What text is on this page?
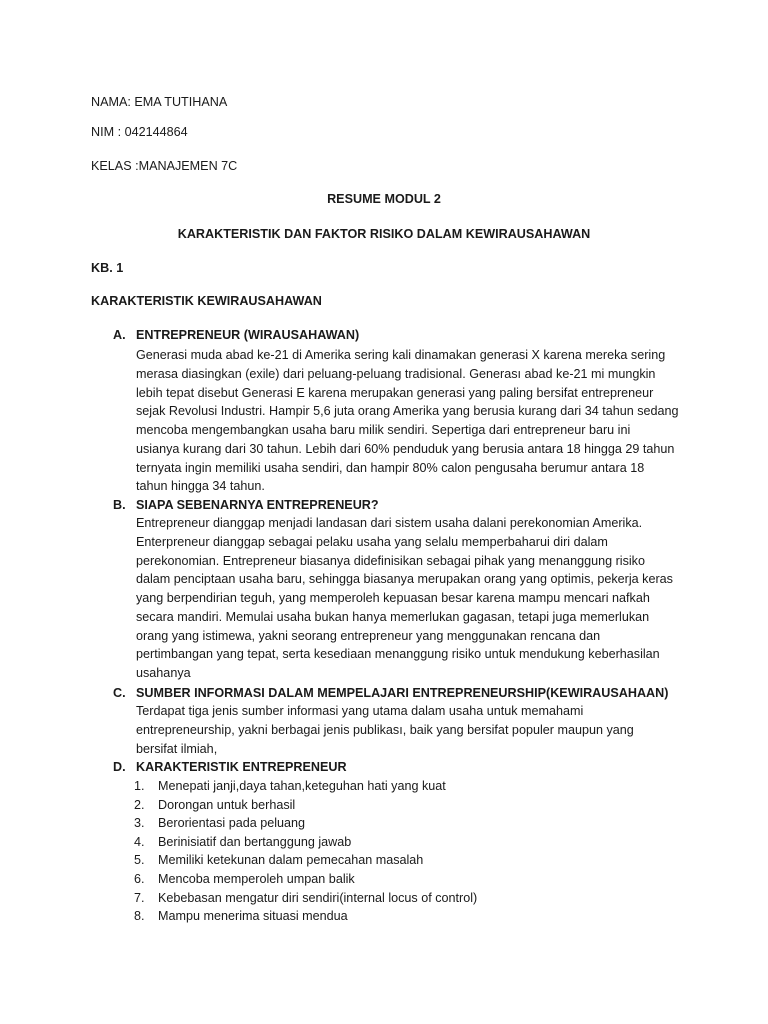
NAMA: EMA TUTIHANA
NIM : 042144864
KELAS :MANAJEMEN 7C
RESUME MODUL 2
KARAKTERISTIK DAN FAKTOR RISIKO DALAM KEWIRAUSAHAWAN
KB. 1
KARAKTERISTIK KEWIRAUSAHAWAN
A. ENTREPRENEUR (WIRAUSAHAWAN)
Generasi muda abad ke-21 di Amerika sering kali dinamakan generasi X karena mereka sering
merasa diasingkan (exile) dari peluang-peluang tradisional. Generası abad ke-21 mi mungkin
lebih tepat disebut Generasi E karena merupakan generasi yang paling bersifat entrepreneur
sejak Revolusi Industri. Hampir 5,6 juta orang Amerika yang berusia kurang dari 34 tahun sedang
mencoba mengembangkan usaha baru milik sendiri. Sepertiga dari entrepreneur baru ini
usianya kurang dari 30 tahun. Lebih dari 60% penduduk yang berusia antara 18 hingga 29 tahun
ternyata ingin memiliki usaha sendiri, dan hampir 80% calon pengusaha berumur antara 18
tahun hingga 34 tahun.
B. SIAPA SEBENARNYA ENTREPRENEUR?
Entrepreneur dianggap menjadi landasan dari sistem usaha dalani perekonomian Amerika.
Enterpreneur dianggap sebagai pelaku usaha yang selalu memperbaharui diri dalam
perekonomian. Entrepreneur biasanya didefinisikan sebagai pihak yang menanggung risiko
dalam penciptaan usaha baru, sehingga biasanya merupakan orang yang optimis, pekerja keras
yang berpendirian teguh, yang memperoleh kepuasan besar karena mampu mencari nafkah
secara mandiri. Memulai usaha bukan hanya memerlukan gagasan, tetapi juga memerlukan
orang yang istimewa, yakni seorang entrepreneur yang menggunakan rencana dan
pertimbangan yang tepat, serta kesediaan menanggung risiko untuk mendukung keberhasilan
usahanya
C. SUMBER INFORMASI DALAM MEMPELAJARI ENTREPRENEURSHIP(KEWIRAUSAHAAN)
Terdapat tiga jenis sumber informasi yang utama dalam usaha untuk memahami
entrepreneurship, yakni berbagai jenis publikası, baik yang bersifat populer maupun yang
bersifat ilmiah,
D. KARAKTERISTIK ENTREPRENEUR
1. Menepati janji,daya tahan,keteguhan hati yang kuat
2. Dorongan untuk berhasil
3. Berorientasi pada peluang
4. Berinisiatif dan bertanggung jawab
5. Memiliki ketekunan dalam pemecahan masalah
6. Mencoba memperoleh umpan balik
7. Kebebasan mengatur diri sendiri(internal locus of control)
8. Mampu menerima situasi mendua
